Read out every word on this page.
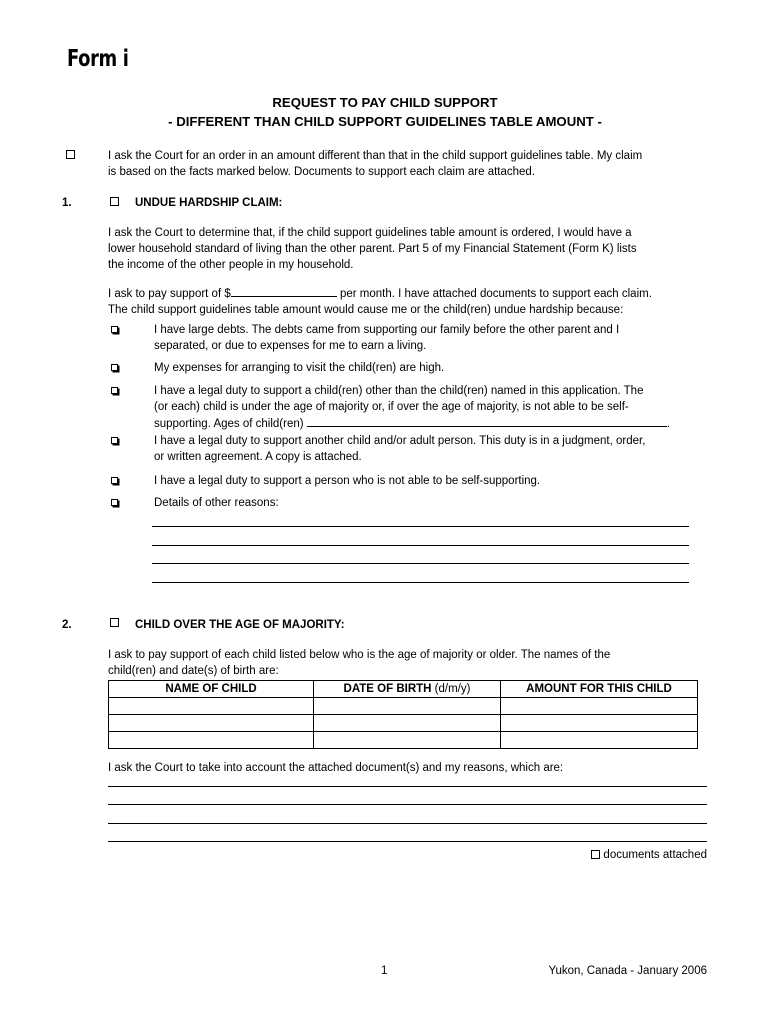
Form i
REQUEST TO PAY CHILD SUPPORT
- DIFFERENT THAN CHILD SUPPORT GUIDELINES TABLE AMOUNT -
I ask the Court for an order in an amount different than that in the child support guidelines table. My claim
is based on the facts marked below. Documents to support each claim are attached.
1.	UNDUE HARDSHIP CLAIM:
I ask the Court to determine that, if the child support guidelines table amount is ordered, I would have a
lower household standard of living than the other parent. Part 5 of my Financial Statement (Form K) lists
the income of the other people in my household.
I ask to pay support of $	per month. I have attached documents to support each claim.
The child support guidelines table amount would cause me or the child(ren) undue hardship because:
I have large debts. The debts came from supporting our family before the other parent and I
separated, or due to expenses for me to earn a living.
My expenses for arranging to visit the child(ren) are high.
I have a legal duty to support a child(ren) other than the child(ren) named in this application. The
(or each) child is under the age of majority or, if over the age of majority, is not able to be self-
supporting. Ages of child(ren)	.
I have a legal duty to support another child and/or adult person. This duty is in a judgment, order,
or written agreement. A copy is attached.
I have a legal duty to support a person who is not able to be self-supporting.
Details of other reasons:
2.	CHILD OVER THE AGE OF MAJORITY:
I ask to pay support of each child listed below who is the age of majority or older. The names of the
child(ren) and date(s) of birth are:
NAME OF CHILD	DATE OF BIRTH (d/m/y)	AMOUNT FOR THIS CHILD

I ask the Court to take into account the attached document(s) and my reasons, which are:
documents attached
1	Yukon, Canada - January 2006
